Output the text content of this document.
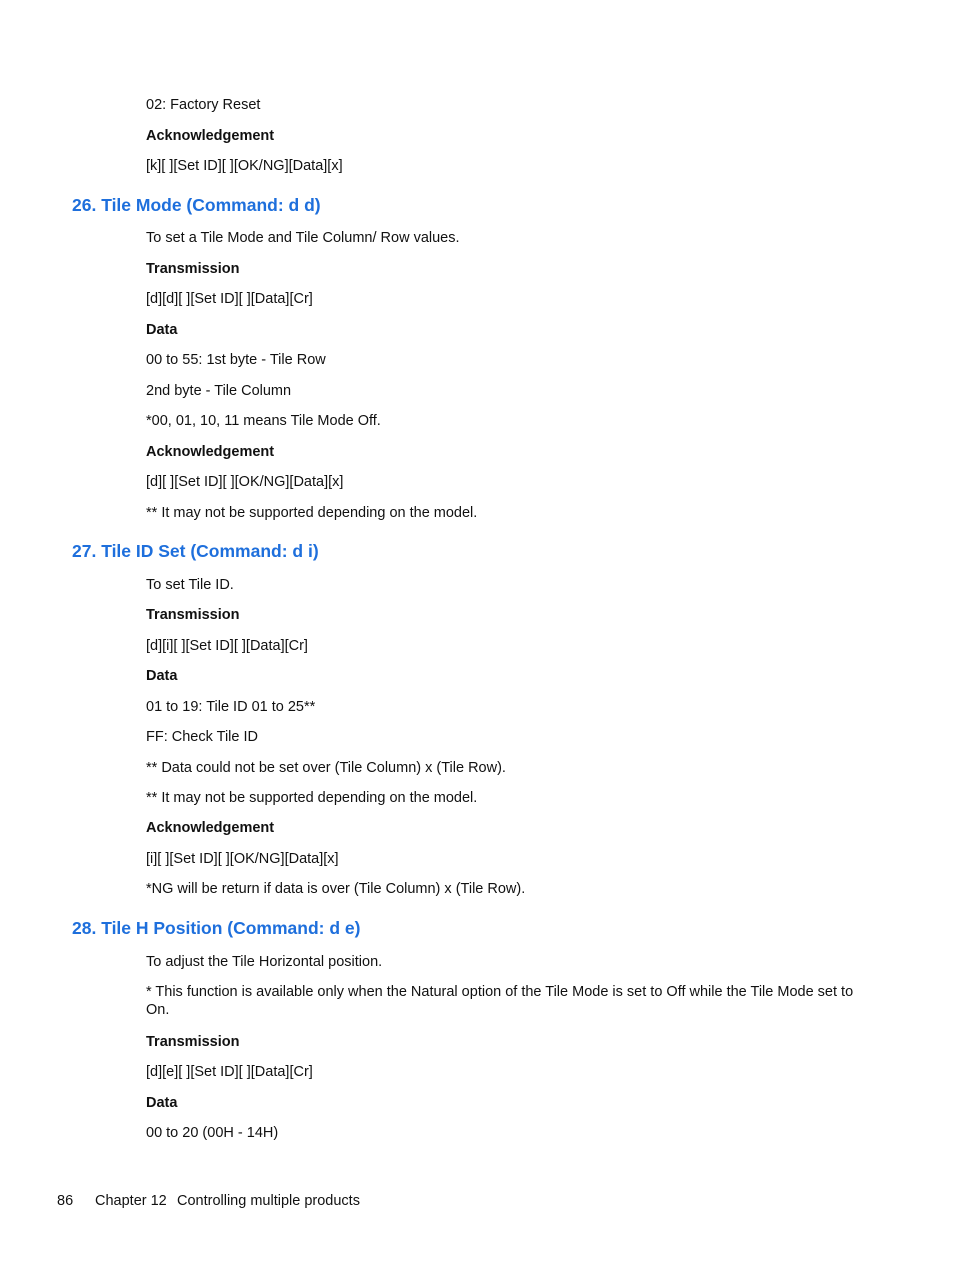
02: Factory Reset
Acknowledgement
[k][ ][Set ID][ ][OK/NG][Data][x]
26. Tile Mode (Command: d d)
To set a Tile Mode and Tile Column/ Row values.
Transmission
[d][d][ ][Set ID][ ][Data][Cr]
Data
00 to 55: 1st byte - Tile Row
2nd byte - Tile Column
*00, 01, 10, 11 means Tile Mode Off.
Acknowledgement
[d][ ][Set ID][ ][OK/NG][Data][x]
** It may not be supported depending on the model.
27. Tile ID Set (Command: d i)
To set Tile ID.
Transmission
[d][i][ ][Set ID][ ][Data][Cr]
Data
01 to 19: Tile ID 01 to 25**
FF: Check Tile ID
** Data could not be set over (Tile Column) x (Tile Row).
** It may not be supported depending on the model.
Acknowledgement
[i][ ][Set ID][ ][OK/NG][Data][x]
*NG will be return if data is over (Tile Column) x (Tile Row).
28. Tile H Position (Command: d e)
To adjust the Tile Horizontal position.
* This function is available only when the Natural option of the Tile Mode is set to Off while the Tile Mode set to On.
Transmission
[d][e][ ][Set ID][ ][Data][Cr]
Data
00 to 20 (00H - 14H)
86 Chapter 12 Controlling multiple products
